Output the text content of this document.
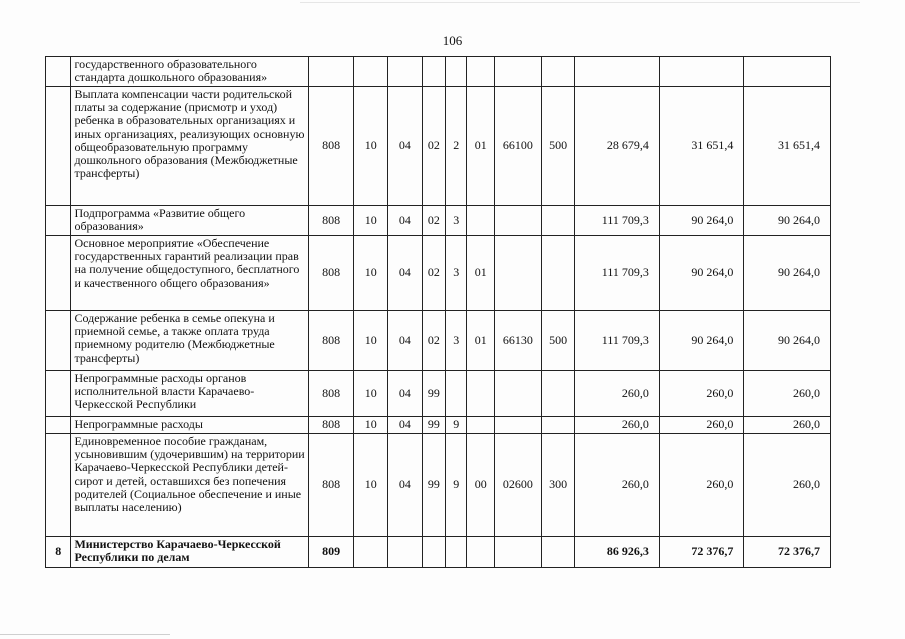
106
	государственного образовательного стандарта дошкольного образования»											
	Выплата компенсации части родительской платы за содержание (присмотр и уход) ребенка в образовательных организациях и иных организациях, реализующих основную общеобразовательную программу дошкольного образования (Межбюджетные трансферты)	808	10	04	02	2	01	66100	500	28 679,4	31 651,4	31 651,4
	Подпрограмма «Развитие общего образования»	808	10	04	02	3				111 709,3	90 264,0	90 264,0
	Основное мероприятие «Обеспечение государственных гарантий реализации прав на получение общедоступного, бесплатного и качественного общего образования»	808	10	04	02	3	01			111 709,3	90 264,0	90 264,0
	Содержание ребенка в семье опекуна и приемной семье, а также оплата труда приемному родителю (Межбюджетные трансферты)	808	10	04	02	3	01	66130	500	111 709,3	90 264,0	90 264,0
	Непрограммные расходы органов исполнительной власти Карачаево-Черкесской Республики	808	10	04	99					260,0	260,0	260,0
	Непрограммные расходы	808	10	04	99	9				260,0	260,0	260,0
	Единовременное пособие гражданам, усыновившим (удочерившим) на территории Карачаево-Черкесской Республики детей-сирот и детей, оставшихся без попечения родителей (Социальное обеспечение и иные выплаты населению)	808	10	04	99	9	00	02600	300	260,0	260,0	260,0
8	Министерство Карачаево-Черкесской Республики по делам	809								86 926,3	72 376,7	72 376,7
